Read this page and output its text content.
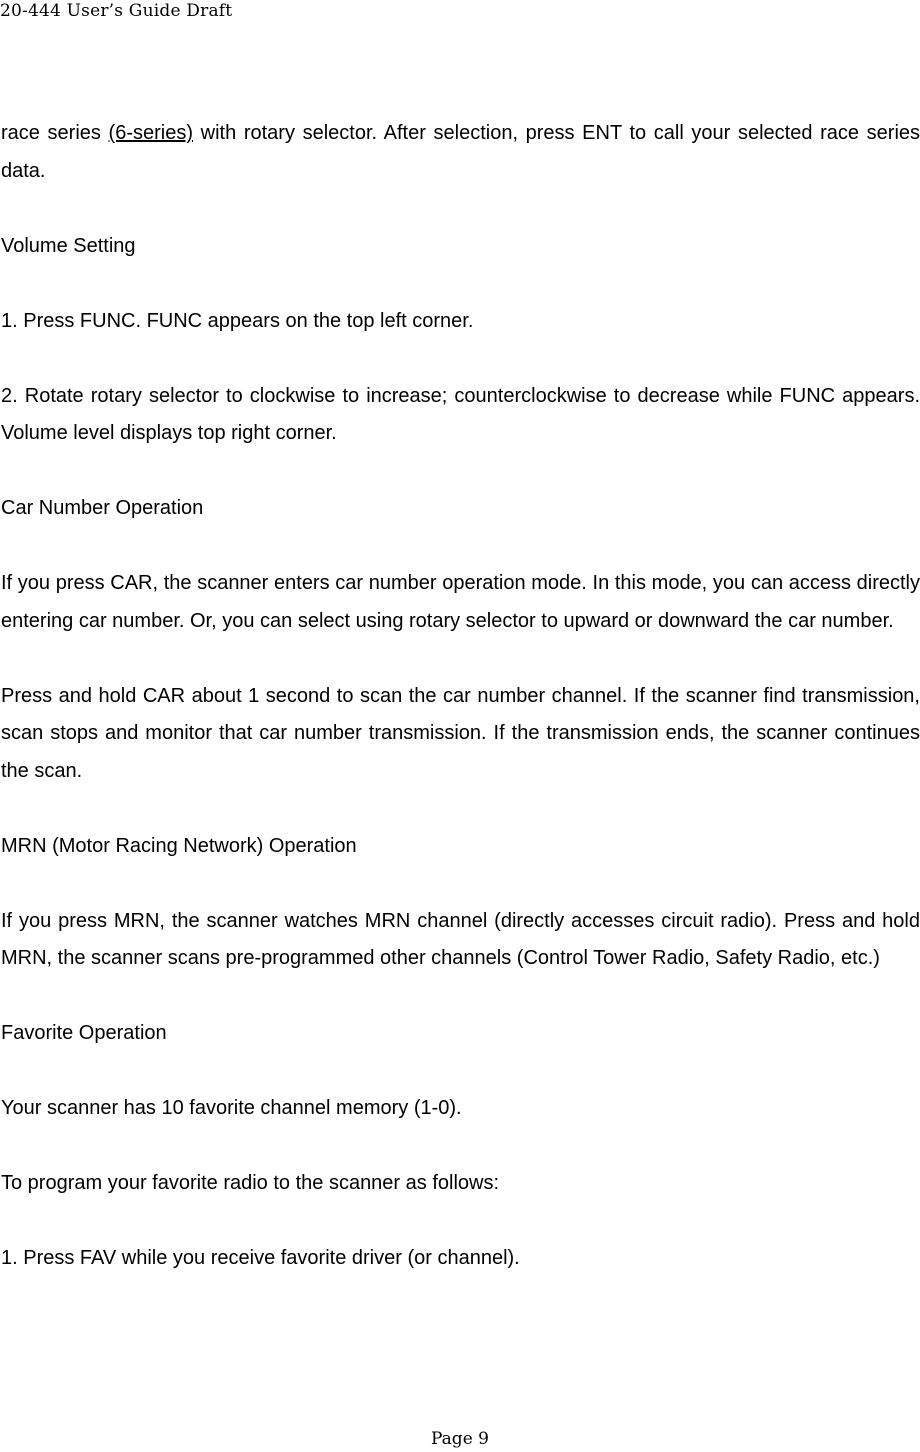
20-444 User’s Guide Draft

race series (6-series) with rotary selector. After selection, press ENT to call your selected race series data.

Volume Setting

1. Press FUNC. FUNC appears on the top left corner.

2. Rotate rotary selector to clockwise to increase; counterclockwise to decrease while FUNC appears. Volume level displays top right corner.

Car Number Operation

If you press CAR, the scanner enters car number operation mode. In this mode, you can access directly entering car number. Or, you can select using rotary selector to upward or downward the car number.

Press and hold CAR about 1 second to scan the car number channel. If the scanner find transmission, scan stops and monitor that car number transmission. If the transmission ends, the scanner continues the scan.

MRN (Motor Racing Network) Operation

If you press MRN, the scanner watches MRN channel (directly accesses circuit radio). Press and hold MRN, the scanner scans pre-programmed other channels (Control Tower Radio, Safety Radio, etc.)

Favorite Operation

Your scanner has 10 favorite channel memory (1-0).

To program your favorite radio to the scanner as follows:

1. Press FAV while you receive favorite driver (or channel).

Page 9
